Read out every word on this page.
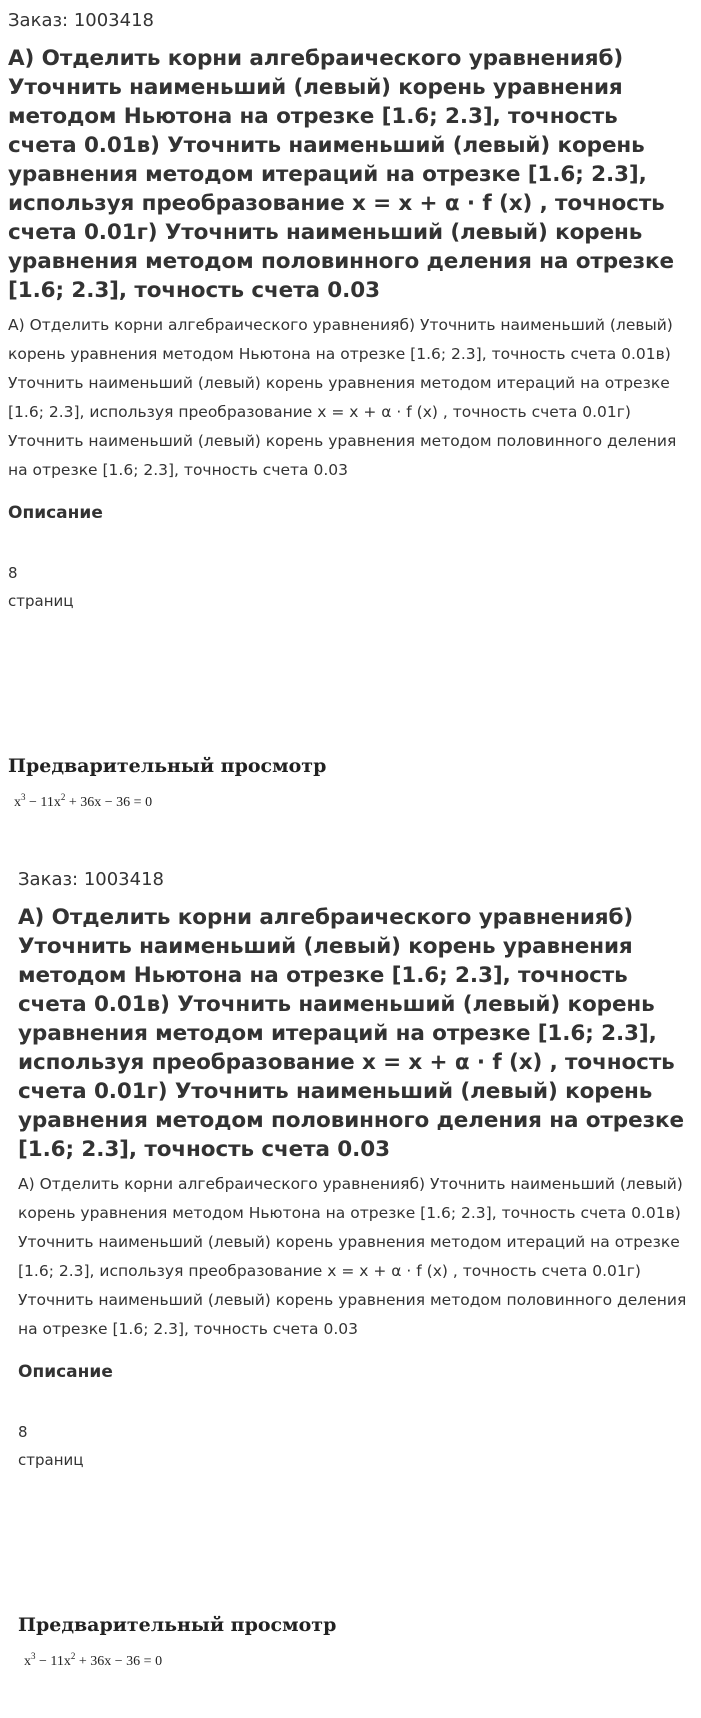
Заказ: 1003418
А) Отделить корни алгебраического уравненияб) Уточнить наименьший (левый) корень уравнения методом Ньютона на отрезке [1.6; 2.3], точность счета 0.01в) Уточнить наименьший (левый) корень уравнения методом итераций на отрезке [1.6; 2.3], используя преобразование x = x + α · f (x) , точность счета 0.01г) Уточнить наименьший (левый) корень уравнения методом половинного деления на отрезке [1.6; 2.3], точность счета 0.03
А) Отделить корни алгебраического уравненияб) Уточнить наименьший (левый) корень уравнения методом Ньютона на отрезке [1.6; 2.3], точность счета 0.01в) Уточнить наименьший (левый) корень уравнения методом итераций на отрезке [1.6; 2.3], используя преобразование x = x + α · f (x) , точность счета 0.01г) Уточнить наименьший (левый) корень уравнения методом половинного деления на отрезке [1.6; 2.3], точность счета 0.03
Описание
8
страниц
Предварительный просмотр
$x^3 - 11x^2 + 36x - 36 = 0$
Заказ: 1003418
А) Отделить корни алгебраического уравненияб) Уточнить наименьший (левый) корень уравнения методом Ньютона на отрезке [1.6; 2.3], точность счета 0.01в) Уточнить наименьший (левый) корень уравнения методом итераций на отрезке [1.6; 2.3], используя преобразование x = x + α · f (x) , точность счета 0.01г) Уточнить наименьший (левый) корень уравнения методом половинного деления на отрезке [1.6; 2.3], точность счета 0.03
А) Отделить корни алгебраического уравненияб) Уточнить наименьший (левый) корень уравнения методом Ньютона на отрезке [1.6; 2.3], точность счета 0.01в) Уточнить наименьший (левый) корень уравнения методом итераций на отрезке [1.6; 2.3], используя преобразование x = x + α · f (x) , точность счета 0.01г) Уточнить наименьший (левый) корень уравнения методом половинного деления на отрезке [1.6; 2.3], точность счета 0.03
Описание
8
страниц
Предварительный просмотр
$x^3 - 11x^2 + 36x - 36 = 0$
